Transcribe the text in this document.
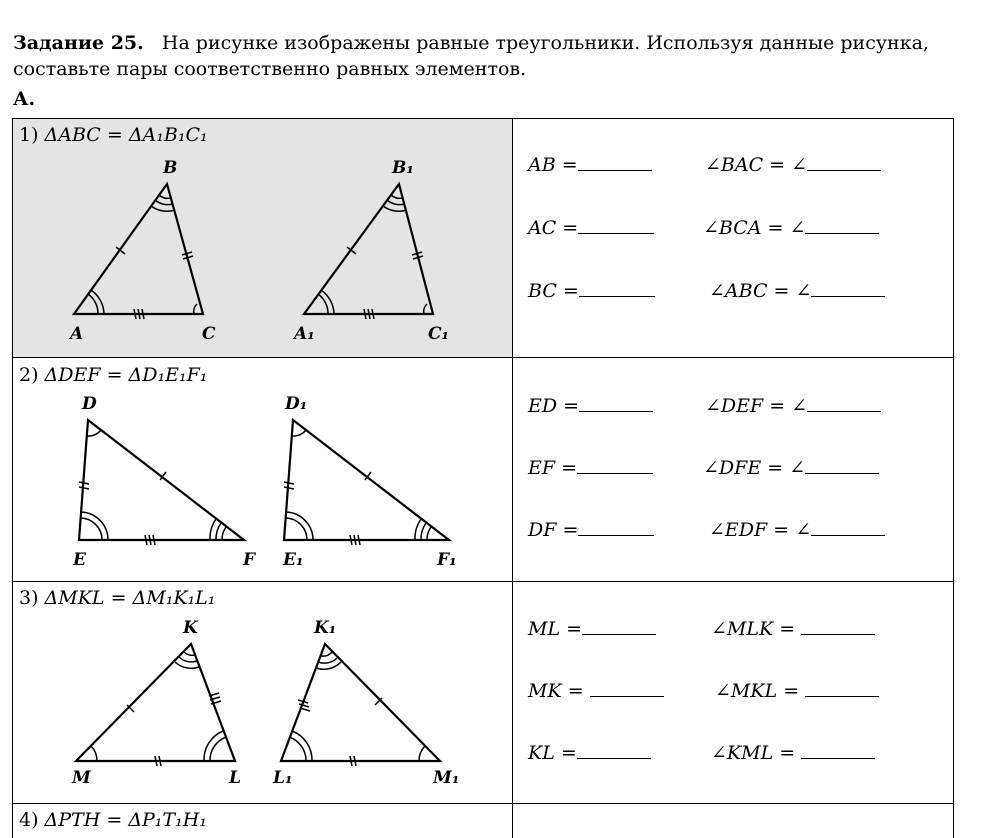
Задание 25. На рисунке изображены равные треугольники. Используя данные рисунка, составьте пары соответственно равных элементов.
А.
1) ΔABC = ΔA₁B₁C₁
B
A	C
B₁
A₁	C₁
AB =	∠BAC = ∠
AC =	∠BCA = ∠
BC =	∠ABC = ∠
2) ΔDEF = ΔD₁E₁F₁
D
E	F
D₁
E₁	F₁
ED =	∠DEF = ∠
EF =	∠DFE = ∠
DF =	∠EDF = ∠
3) ΔMKL = ΔM₁K₁L₁
K
M	L
K₁
L₁	M₁
ML =	∠MLK =
MK =	∠MKL =
KL =	∠KML =
4) ΔPTH = ΔP₁T₁H₁
